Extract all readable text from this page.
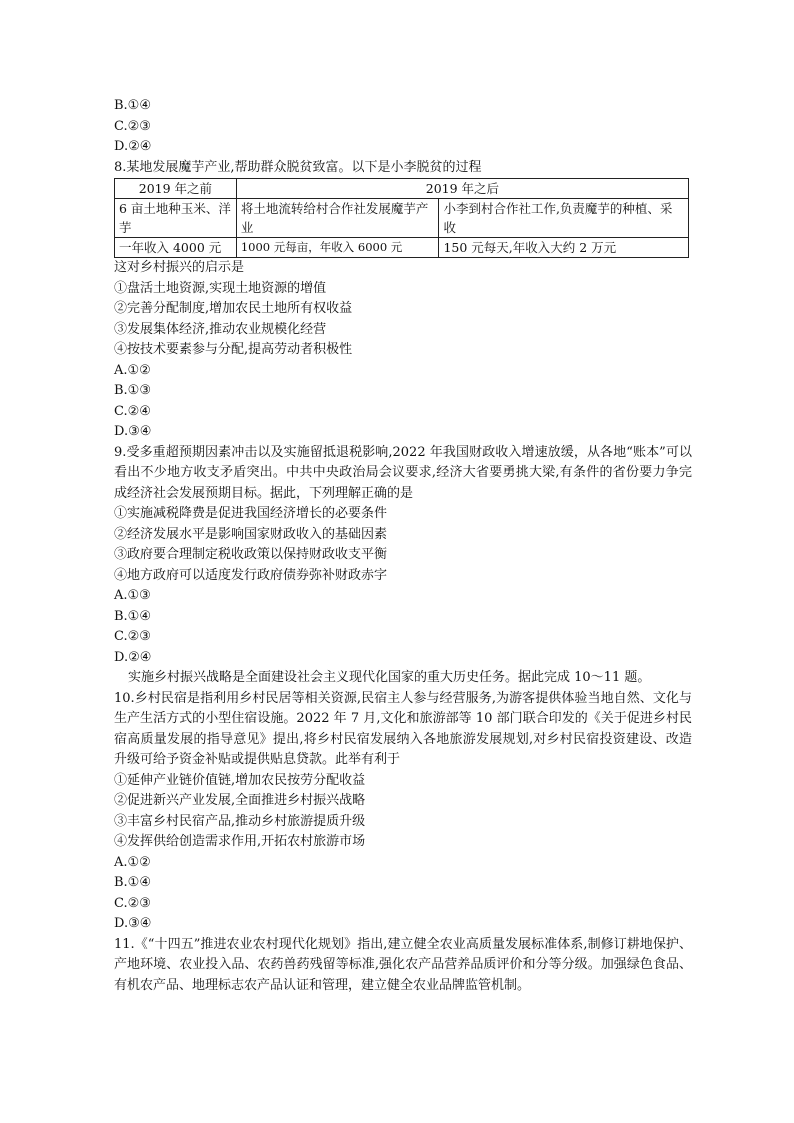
B.①④
C.②③
D.②④
8.某地发展魔芋产业,帮助群众脱贫致富。以下是小李脱贫的过程
2019 年之前	2019 年之后	
6 亩土地种玉米、洋芋	将土地流转给村合作社发展魔芋产业	小李到村合作社工作,负责魔芋的种植、采收
一年收入 4000 元	1000 元每亩，年收入 6000 元	150 元每天,年收入大约 2 万元
这对乡村振兴的启示是
①盘活土地资源,实现土地资源的增值
②完善分配制度,增加农民土地所有权收益
③发展集体经济,推动农业规模化经营
④按技术要素参与分配,提高劳动者积极性
A.①②
B.①③
C.②④
D.③④
9.受多重超预期因素冲击以及实施留抵退税影响,2022 年我国财政收入增速放缓，从各地“账本”可以看出不少地方收支矛盾突出。中共中央政治局会议要求,经济大省要勇挑大梁,有条件的省份要力争完成经济社会发展预期目标。据此，下列理解正确的是
①实施减税降费是促进我国经济增长的必要条件
②经济发展水平是影响国家财政收入的基础因素
③政府要合理制定税收政策以保持财政收支平衡
④地方政府可以适度发行政府债券弥补财政赤字
A.①③
B.①④
C.②③
D.②④
实施乡村振兴战略是全面建设社会主义现代化国家的重大历史任务。据此完成 10～11 题。
10.乡村民宿是指利用乡村民居等相关资源,民宿主人参与经营服务,为游客提供体验当地自然、文化与生产生活方式的小型住宿设施。2022 年 7 月,文化和旅游部等 10 部门联合印发的《关于促进乡村民宿高质量发展的指导意见》提出,将乡村民宿发展纳入各地旅游发展规划,对乡村民宿投资建设、改造升级可给予资金补贴或提供贴息贷款。此举有利于
①延伸产业链价值链,增加农民按劳分配收益
②促进新兴产业发展,全面推进乡村振兴战略
③丰富乡村民宿产品,推动乡村旅游提质升级
④发挥供给创造需求作用,开拓农村旅游市场
A.①②
B.①④
C.②③
D.③④
11.《“十四五”推进农业农村现代化规划》指出,建立健全农业高质量发展标准体系,制修订耕地保护、产地环境、农业投入品、农药兽药残留等标准,强化农产品营养品质评价和分等分级。加强绿色食品、有机农产品、地理标志农产品认证和管理，建立健全农业品牌监管机制。
